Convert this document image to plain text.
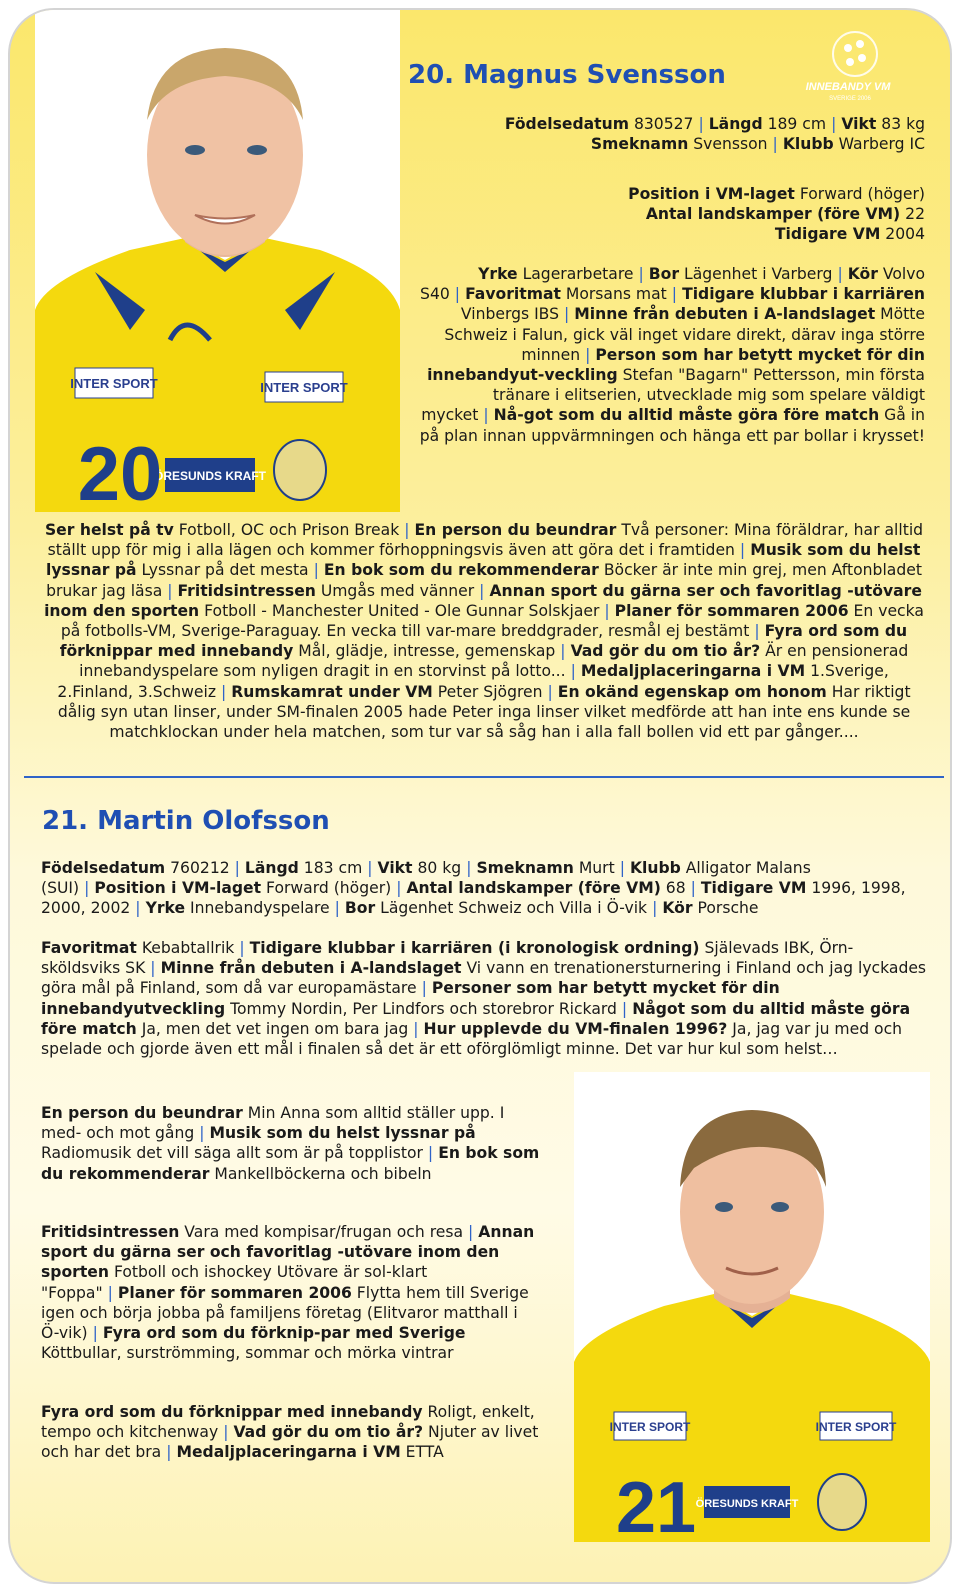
INTER SPORT	INTER SPORT
ÖRESUNDS KRAFT
20
INNEBANDY VM
SVERIGE 2006
20. Magnus Svensson
Födelsedatum 830527 | Längd 189 cm | Vikt 83 kg
Smeknamn Svensson | Klubb Warberg IC
Position i VM-laget Forward (höger)
Antal landskamper (före VM) 22
Tidigare VM 2004
Yrke Lagerarbetare | Bor Lägenhet i Varberg | Kör Volvo S40 | Favoritmat Morsans mat | Tidigare klubbar i karriären Vinbergs IBS | Minne från debuten i A-landslaget Mötte Schweiz i Falun, gick väl inget vidare direkt, därav inga större minnen | Person som har betytt mycket för din innebandyut-veckling Stefan "Bagarn" Pettersson, min första tränare i elitserien, utvecklade mig som spelare väldigt mycket | Nå-got som du alltid måste göra före match Gå in på plan innan uppvärmningen och hänga ett par bollar i krysset!
Ser helst på tv Fotboll, OC och Prison Break | En person du beundrar Två personer: Mina föräldrar, har alltid ställt upp för mig i alla lägen och kommer förhoppningsvis även att göra det i framtiden | Musik som du helst lyssnar på Lyssnar på det mesta | En bok som du rekommenderar Böcker är inte min grej, men Aftonbladet brukar jag läsa | Fritidsintressen Umgås med vänner | Annan sport du gärna ser och favoritlag -utövare inom den sporten Fotboll - Manchester United - Ole Gunnar Solskjaer | Planer för sommaren 2006 En vecka på fotbolls-VM, Sverige-Paraguay. En vecka till var-mare breddgrader, resmål ej bestämt | Fyra ord som du förknippar med innebandy Mål, glädje, intresse, gemenskap | Vad gör du om tio år? Är en pensionerad innebandyspelare som nyligen dragit in en storvinst på lotto... | Medaljplaceringarna i VM 1.Sverige, 2.Finland, 3.Schweiz | Rumskamrat under VM Peter Sjögren | En okänd egenskap om honom Har riktigt dålig syn utan linser, under SM-finalen 2005 hade Peter inga linser vilket medförde att han inte ens kunde se matchklockan under hela matchen, som tur var så såg han i alla fall bollen vid ett par gånger....
21. Martin Olofsson
Födelsedatum 760212 | Längd 183 cm | Vikt 80 kg | Smeknamn Murt | Klubb Alligator Malans (SUI) | Position i VM-laget Forward (höger) | Antal landskamper (före VM) 68 | Tidigare VM 1996, 1998, 2000, 2002 | Yrke Innebandyspelare | Bor Lägenhet Schweiz och Villa i Ö-vik | Kör Porsche
Favoritmat Kebabtallrik | Tidigare klubbar i karriären (i kronologisk ordning) Själevads IBK, Örn-sköldsviks SK | Minne från debuten i A-landslaget Vi vann en trenationersturnering i Finland och jag lyckades göra mål på Finland, som då var europamästare | Personer som har betytt mycket för din innebandyutveckling Tommy Nordin, Per Lindfors och storebror Rickard | Något som du alltid måste göra före match Ja, men det vet ingen om bara jag | Hur upplevde du VM-finalen 1996? Ja, jag var ju med och spelade och gjorde även ett mål i finalen så det är ett oförglömligt minne. Det var hur kul som helst…
En person du beundrar Min Anna som alltid ställer upp. I med- och mot gång | Musik som du helst lyssnar på Radiomusik det vill säga allt som är på topplistor | En bok som du rekommenderar Mankellböckerna och bibeln
Fritidsintressen Vara med kompisar/frugan och resa | Annan sport du gärna ser och favoritlag -utövare inom den sporten Fotboll och ishockey Utövare är sol-klart "Foppa" | Planer för sommaren 2006 Flytta hem till Sverige igen och börja jobba på familjens företag (Elitvaror matthall i Ö-vik) | Fyra ord som du förknip-par med Sverige Köttbullar, surströmming, sommar och mörka vintrar
Fyra ord som du förknippar med innebandy Roligt, enkelt, tempo och kitchenway | Vad gör du om tio år? Njuter av livet och har det bra | Medaljplaceringarna i VM ETTA
INTER SPORT	INTER SPORT
ÖRESUNDS KRAFT
21
